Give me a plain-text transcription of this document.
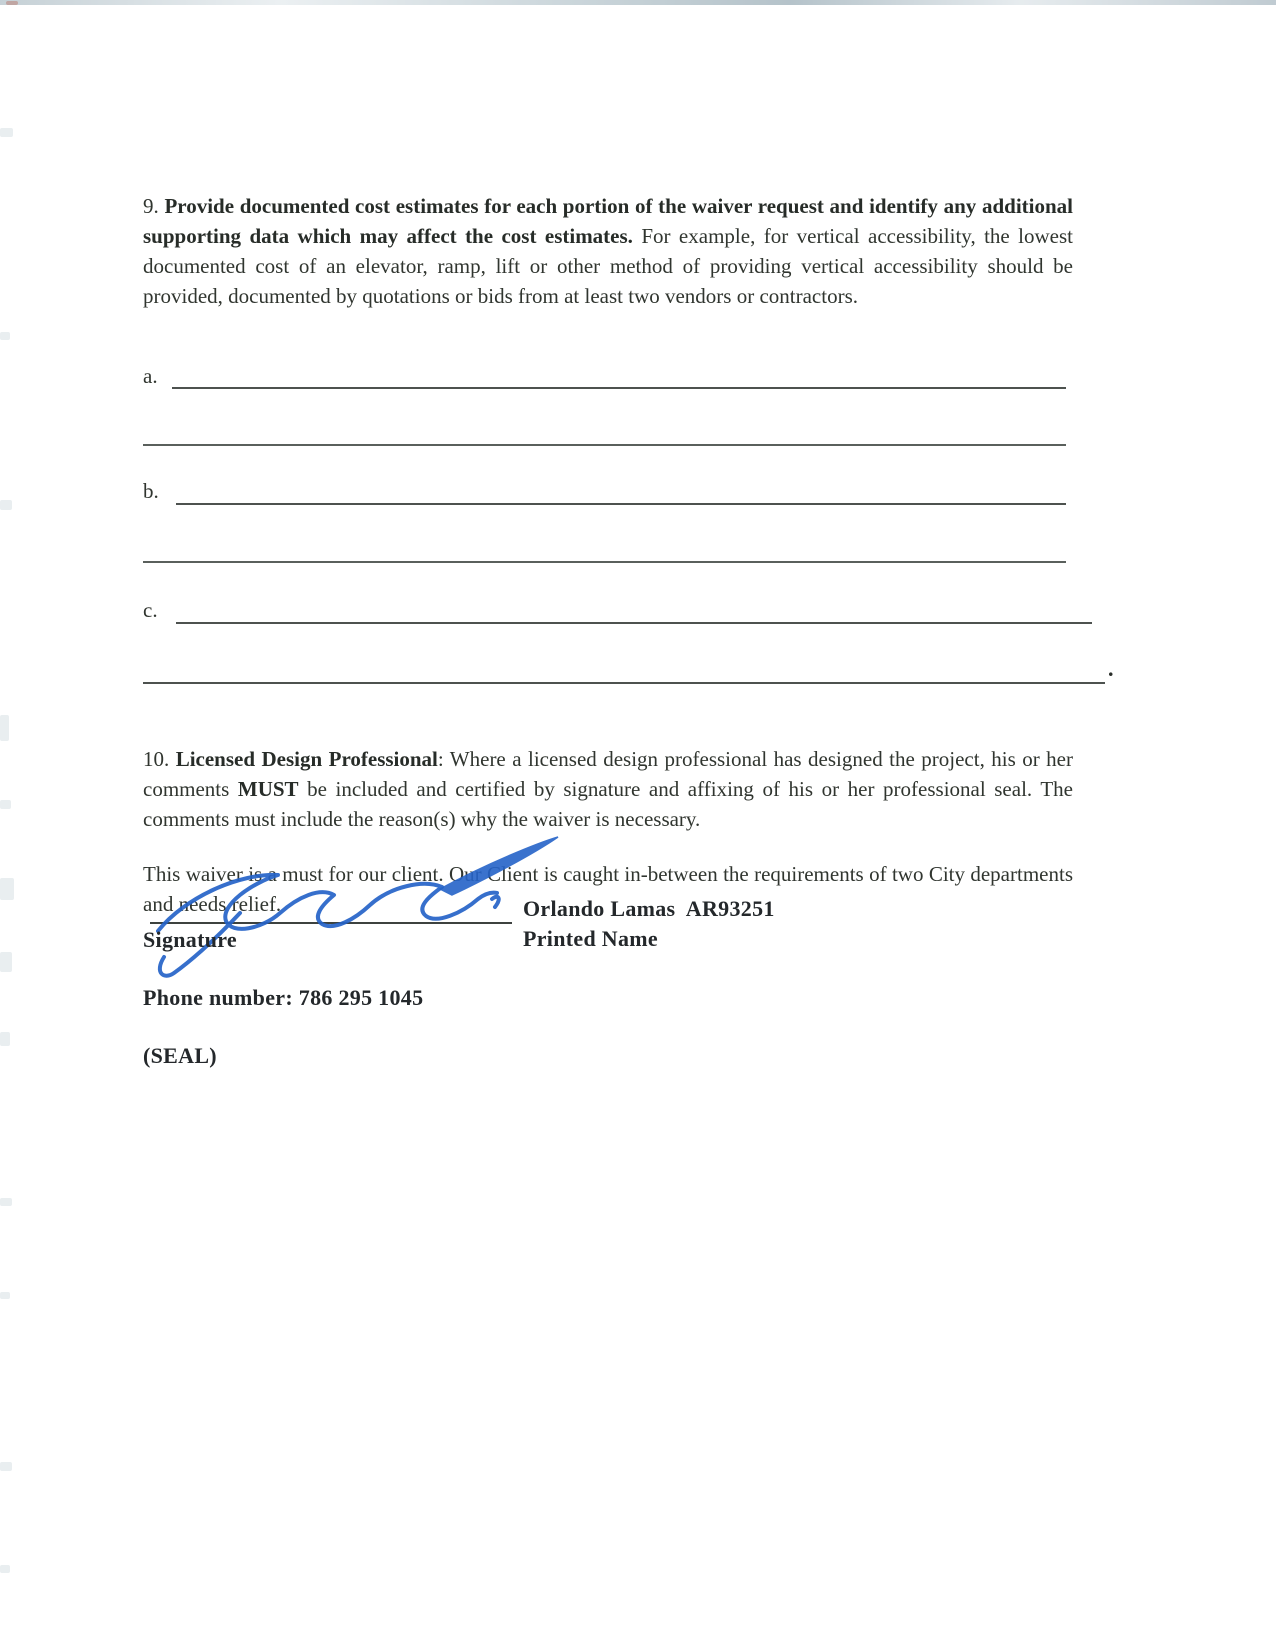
9. Provide documented cost estimates for each portion of the waiver request and identify any additional supporting data which may affect the cost estimates. For example, for vertical accessibility, the lowest documented cost of an elevator, ramp, lift or other method of providing vertical accessibility should be provided, documented by quotations or bids from at least two vendors or contractors.

a.
b.
c.
.

10. Licensed Design Professional: Where a licensed design professional has designed the project, his or her comments MUST be included and certified by signature and affixing of his or her professional seal. The comments must include the reason(s) why the waiver is necessary.

This waiver is a must for our client. Our Client is caught in-between the requirements of two City departments and needs relief.

Signature
Orlando Lamas  AR93251
Printed Name
Phone number: 786 295 1045
(SEAL)
